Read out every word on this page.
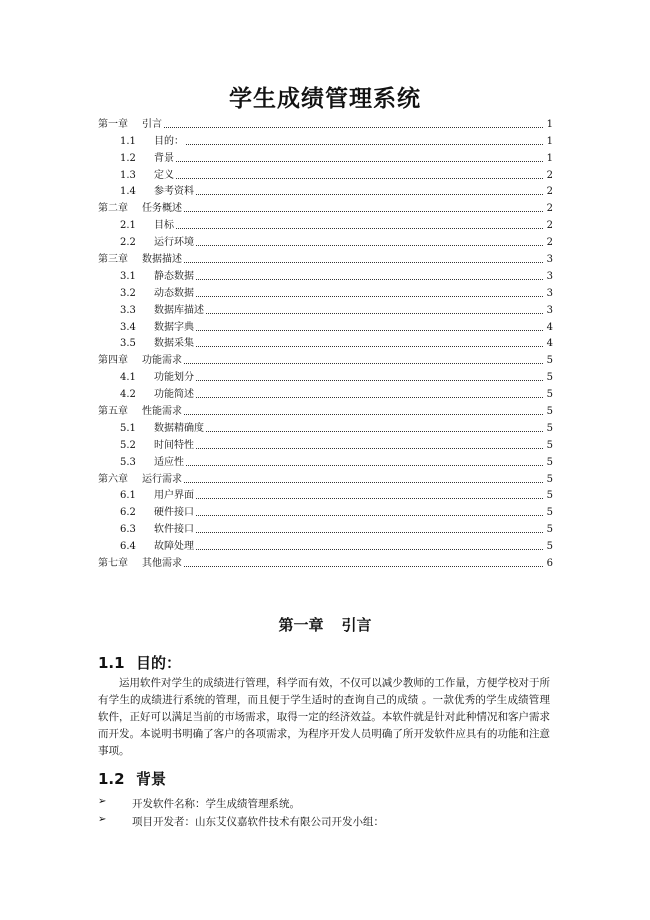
学生成绩管理系统
第一章 引言	1
1.1 目的：	1
1.2 背景	1
1.3 定义	2
1.4 参考资料	2
第二章 任务概述	2
2.1 目标	2
2.2 运行环境	2
第三章 数据描述	3
3.1 静态数据	3
3.2 动态数据	3
3.3 数据库描述	3
3.4 数据字典	4
3.5 数据采集	4
第四章 功能需求	5
4.1 功能划分	5
4.2 功能简述	5
第五章 性能需求	5
5.1 数据精确度	5
5.2 时间特性	5
5.3 适应性	5
第六章 运行需求	5
6.1 用户界面	5
6.2 硬件接口	5
6.3 软件接口	5
6.4 故障处理	5
第七章 其他需求	6
第一章 引言
1.1 目的：

运用软件对学生的成绩进行管理，科学而有效，不仅可以减少教师的工作量，方便学校对于所有学生的成绩进行系统的管理，而且便于学生适时的查询自己的成绩 。一款优秀的学生成绩管理软件，正好可以满足当前的市场需求，取得一定的经济效益。本软件就是针对此种情况和客户需求而开发。本说明书明确了客户的各项需求，为程序开发人员明确了所开发软件应具有的功能和注意事项。

1.2 背景
➢	开发软件名称：学生成绩管理系统。
➢	项目开发者：山东艾仪嘉软件技术有限公司开发小组：
